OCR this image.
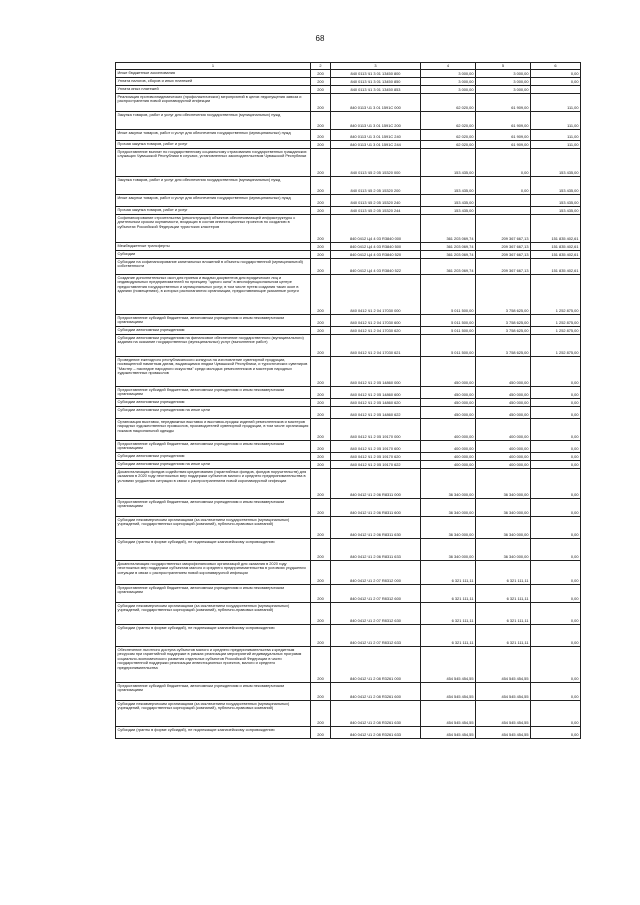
68
1	2	3	4	5	6
Иные бюджетные ассигнования	200	840 0113 Ч1 3 01 13450 800	3 000,00	3 000,00	0,00
Уплата налогов, сборов и иных платежей	200	840 0113 Ч1 3 01 13450 850	3 000,00	3 000,00	0,00
Уплата иных платежей	200	840 0113 Ч1 3 01 13450 853	3 000,00	3 000,00	
Реализация противоэпидемических (профилактических) мероприятий в целях недопущения завоза и распространения новой коронавирусной инфекции	200	840 0113 Ч1 3 01 1591С 000	62 020,00	61 909,00	111,00
Закупка товаров, работ и услуг для обеспечения государственных (муниципальных) нужд	200	840 0113 Ч1 3 01 1591С 200	62 020,00	61 909,00	111,00
Иные закупки товаров, работ и услуг для обеспечения государственных (муниципальных) нужд	200	840 0113 Ч1 3 01 1591С 240	62 020,00	61 909,00	111,00
Прочая закупка товаров, работ и услуг	200	840 0113 Ч1 3 01 1591С 244	62 020,00	61 909,00	111,00
Предоставление выплат по государственному социальному страхованию государственных гражданских служащих Чувашской Республики в случаях, установленных законодательством Чувашской Республики	200	840 0113 Ч5 2 05 15320 000	153 435,00	0,00	153 435,00
Закупка товаров, работ и услуг для обеспечения государственных (муниципальных) нужд	200	840 0113 Ч5 2 05 15320 200	153 435,00	0,00	153 435,00
Иные закупки товаров, работ и услуг для обеспечения государственных (муниципальных) нужд	200	840 0113 Ч5 2 05 15320 240	153 435,00		153 435,00
Прочая закупка товаров, работ и услуг	200	840 0113 Ч5 2 05 15320 244	153 435,00		153 435,00
Софинансирование строительства (реконструкции) объектов обеспечивающей инфраструктуры с длительным сроком окупаемости, входящих в состав инвестиционных проектов по созданию в субъектах Российской Федерации туристских кластеров	200	840 0412 Ц4 4 03 R3840 000	361 203 069,74	209 367 667,13	151 835 402,61
Межбюджетные трансферты	200	840 0412 Ц4 4 03 R3840 500	361 203 069,74	209 367 667,13	151 835 402,61
Субсидии	200	840 0412 Ц4 4 03 R3840 520	361 203 069,74	209 367 667,13	151 835 402,61
Субсидии на софинансирование капитальных вложений в объекты государственной (муниципальной) собственности	200	840 0412 Ц4 4 03 R3840 522	361 203 069,74	209 367 667,13	151 835 402,61
Создание дополнительных окон для приема и выдачи документов для юридических лиц и индивидуальных предпринимателей по принципу "одного окна" в многофункциональном центре предоставления государственных и муниципальных услуг, в том числе путем создания таких окон в зданиях (помещениях), в которых располагаются организации, предоставляющие указанные услуги	200	840 0412 Ч1 2 04 17030 000	5 011 500,00	3 758 625,00	1 252 875,00
Предоставление субсидий бюджетным, автономным учреждениям и иным некоммерческим организациям	200	840 0412 Ч1 2 04 17030 600	5 011 500,00	3 758 625,00	1 252 875,00
Субсидии автономным учреждениям	200	840 0412 Ч1 2 04 17030 620	5 011 500,00	3 758 625,00	1 252 875,00
Субсидии автономным учреждениям на финансовое обеспечение государственного (муниципального) задания на оказание государственных (муниципальных) услуг (выполнение работ)	200	840 0412 Ч1 2 04 17030 621	5 011 500,00	3 758 625,00	1 252 875,00
Проведение ежегодного республиканского конкурса на изготовление сувенирной продукции, посвященной памятным датам, выдающимся людям Чувашской Республики, и туристических сувениров "Мастер – наследие народного искусства" среди молодых ремесленников и мастеров народных художественных промыслов	200	840 0412 Ч1 2 05 14860 000	450 000,00	450 000,00	0,00
Предоставление субсидий бюджетным, автономным учреждениям и иным некоммерческим организациям	200	840 0412 Ч1 2 05 14860 600	450 000,00	450 000,00	0,00
Субсидии автономным учреждениям	200	840 0412 Ч1 2 05 14860 620	450 000,00	450 000,00	0,00
Субсидии автономным учреждениям на иные цели	200	840 0412 Ч1 2 05 14860 622	450 000,00	450 000,00	0,00
Организация выставок, передвижных выставок и выставок-продаж изделий ремесленников и мастеров народных художественных промыслов, производителей сувенирной продукции, в том числе организация показов национальной одежды	200	840 0412 Ч1 2 05 19170 000	400 000,00	400 000,00	0,00
Предоставление субсидий бюджетным, автономным учреждениям и иным некоммерческим организациям	200	840 0412 Ч1 2 05 19170 600	400 000,00	400 000,00	0,00
Субсидии автономным учреждениям	200	840 0412 Ч1 2 05 19170 620	400 000,00	400 000,00	0,00
Субсидии автономным учреждениям на иные цели	200	840 0412 Ч1 2 05 19170 622	400 000,00	400 000,00	0,00
Докапитализация фондов содействия кредитованию (гарантийных фондов, фондов поручительств) для оказания в 2020 году неотложных мер поддержки субъектов малого и среднего предпринимательства в условиях ухудшения ситуации в связи с распространением новой коронавирусной инфекции	200	840 0412 Ч1 2 06 R8311 000	36 340 000,00	36 340 000,00	0,00
Предоставление субсидий бюджетным, автономным учреждениям и иным некоммерческим организациям	200	840 0412 Ч1 2 06 R8311 600	36 340 000,00	36 340 000,00	0,00
Субсидии некоммерческим организациям (за исключением государственных (муниципальных) учреждений, государственных корпораций (компаний), публично-правовых компаний)	200	840 0412 Ч1 2 06 R8311 630	36 340 000,00	36 340 000,00	0,00
Субсидии (гранты в форме субсидий), не подлежащие казначейскому сопровождению	200	840 0412 Ч1 2 06 R8311 633	36 340 000,00	36 340 000,00	0,00
Докапитализация государственных микрофинансовых организаций для оказания в 2020 году неотложных мер поддержки субъектам малого и среднего предпринимательства в условиях ухудшения ситуации в связи с распространением новой коронавирусной инфекции	200	840 0412 Ч1 2 07 R8312 000	6 321 111,11	6 321 111,11	0,00
Предоставление субсидий бюджетным, автономным учреждениям и иным некоммерческим организациям	200	840 0412 Ч1 2 07 R8312 600	6 321 111,11	6 321 111,11	0,00
Субсидии некоммерческим организациям (за исключением государственных (муниципальных) учреждений, государственных корпораций (компаний), публично-правовых компаний)	200	840 0412 Ч1 2 07 R8312 630	6 321 111,11	6 321 111,11	0,00
Субсидии (гранты в форме субсидий), не подлежащие казначейскому сопровождению	200	840 0412 Ч1 2 07 R8312 633	6 321 111,11	6 321 111,11	0,00
Обеспечение льготного доступа субъектов малого и среднего предпринимательства к кредитным ресурсам при гарантийной поддержке в рамках реализации мероприятий индивидуальных программ социально-экономического развития отдельных субъектов Российской Федерации в части государственной поддержки реализации инвестиционных проектов, малого и среднего предпринимательства	200	840 0412 Ч1 2 08 R3261 000	454 545 454,55	454 545 454,55	0,00
Предоставление субсидий бюджетным, автономным учреждениям и иным некоммерческим организациям	200	840 0412 Ч1 2 08 R3261 600	454 545 454,55	454 545 454,55	0,00
Субсидии некоммерческим организациям (за исключением государственных (муниципальных) учреждений, государственных корпораций (компаний), публично-правовых компаний)	200	840 0412 Ч1 2 08 R3261 630	454 545 454,55	454 545 454,55	0,00
Субсидии (гранты в форме субсидий), не подлежащие казначейскому сопровождению	200	840 0412 Ч1 2 08 R3261 633	454 545 454,55	454 545 454,55	0,00
